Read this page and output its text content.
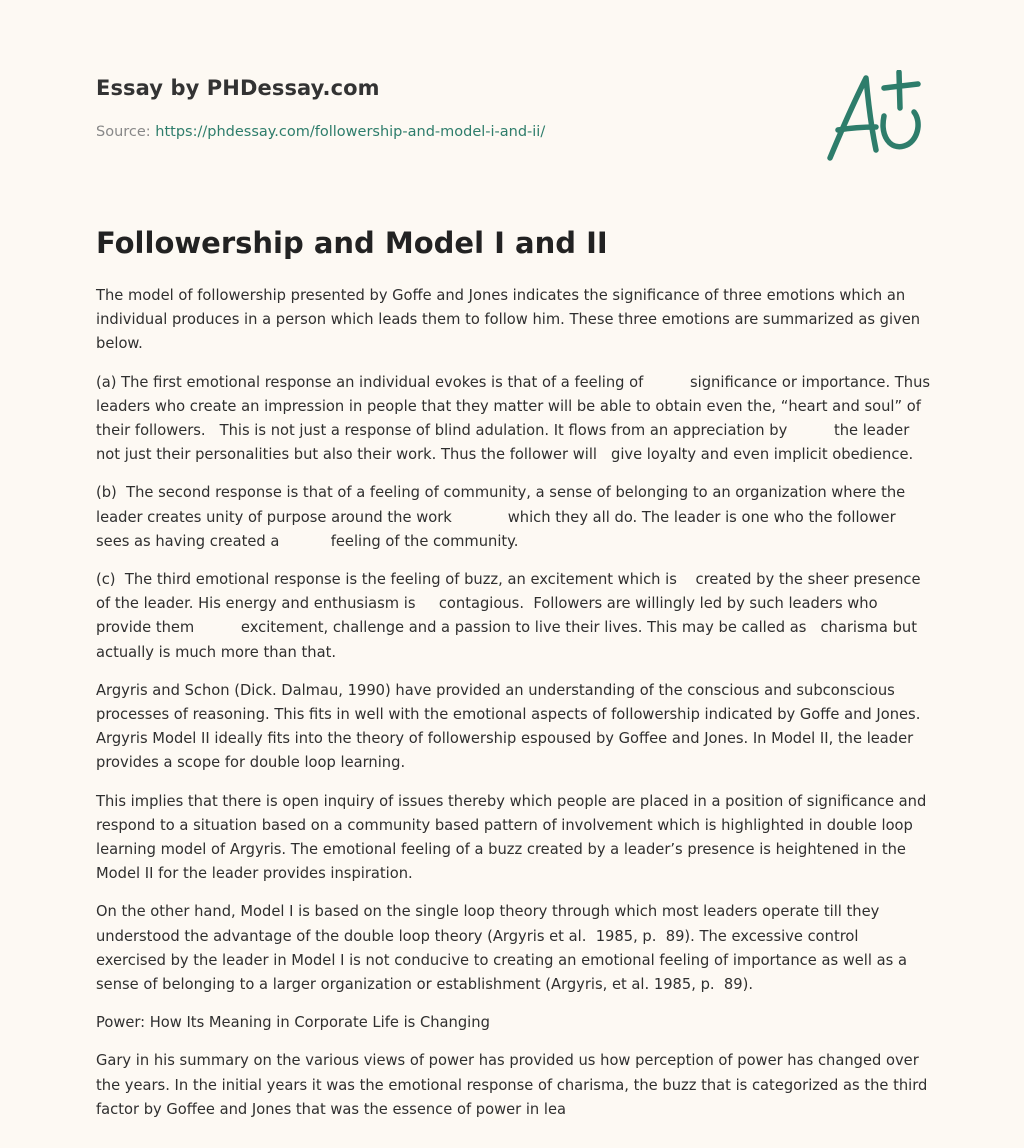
Essay by PHDessay.com

Source: https://phdessay.com/followership-and-model-i-and-ii/

Followership and Model I and II

The model of followership presented by Goffe and Jones indicates the significance of three emotions which an individual produces in a person which leads them to follow him. These three emotions are summarized as given below.

(a) The first emotional response an individual evokes is that of a feeling of          significance or importance. Thus leaders who create an impression in people that they matter will be able to obtain even the, “heart and soul” of their followers.   This is not just a response of blind adulation. It flows from an appreciation by          the leader not just their personalities but also their work. Thus the follower will   give loyalty and even implicit obedience.

(b)  The second response is that of a feeling of community, a sense of belonging to an organization where the leader creates unity of purpose around the work            which they all do. The leader is one who the follower sees as having created a           feeling of the community.

(c)  The third emotional response is the feeling of buzz, an excitement which is    created by the sheer presence of the leader. His energy and enthusiasm is     contagious.  Followers are willingly led by such leaders who provide them          excitement, challenge and a passion to live their lives. This may be called as   charisma but actually is much more than that.

Argyris and Schon (Dick. Dalmau, 1990) have provided an understanding of the conscious and subconscious processes of reasoning. This fits in well with the emotional aspects of followership indicated by Goffe and Jones. Argyris Model II ideally fits into the theory of followership espoused by Goffee and Jones. In Model II, the leader provides a scope for double loop learning.

This implies that there is open inquiry of issues thereby which people are placed in a position of significance and respond to a situation based on a community based pattern of involvement which is highlighted in double loop learning model of Argyris. The emotional feeling of a buzz created by a leader’s presence is heightened in the Model II for the leader provides inspiration.

On the other hand, Model I is based on the single loop theory through which most leaders operate till they understood the advantage of the double loop theory (Argyris et al.  1985, p.  89). The excessive control exercised by the leader in Model I is not conducive to creating an emotional feeling of importance as well as a sense of belonging to a larger organization or establishment (Argyris, et al. 1985, p.  89).

Power: How Its Meaning in Corporate Life is Changing

Gary in his summary on the various views of power has provided us how perception of power has changed over the years. In the initial years it was the emotional response of charisma, the buzz that is categorized as the third factor by Goffee and Jones that was the essence of power in lea
